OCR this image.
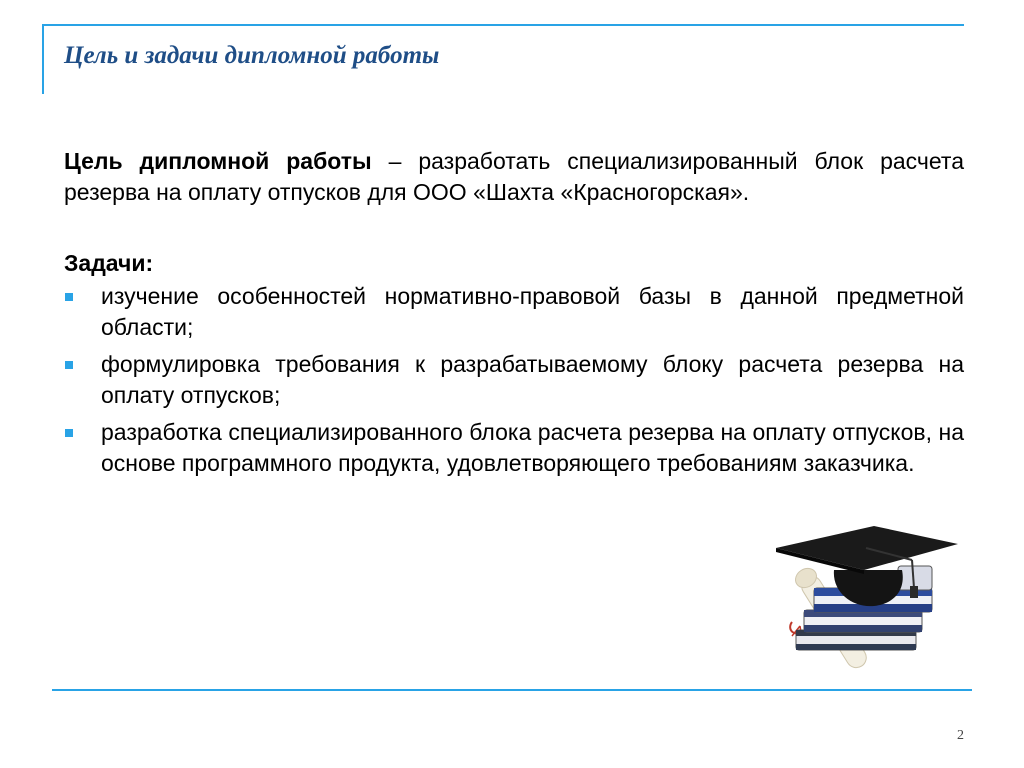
Цель и задачи дипломной работы

Цель дипломной работы – разработать специализированный блок расчета резерва на оплату отпусков для ООО «Шахта «Красногорская».

Задачи:
изучение особенностей нормативно-правовой базы в данной предметной области;
формулировка требования к разрабатываемому блоку расчета резерва на оплату отпусков;
разработка специализированного блока расчета резерва на оплату отпусков, на основе программного продукта, удовлетворяющего требованиям заказчика.
2
